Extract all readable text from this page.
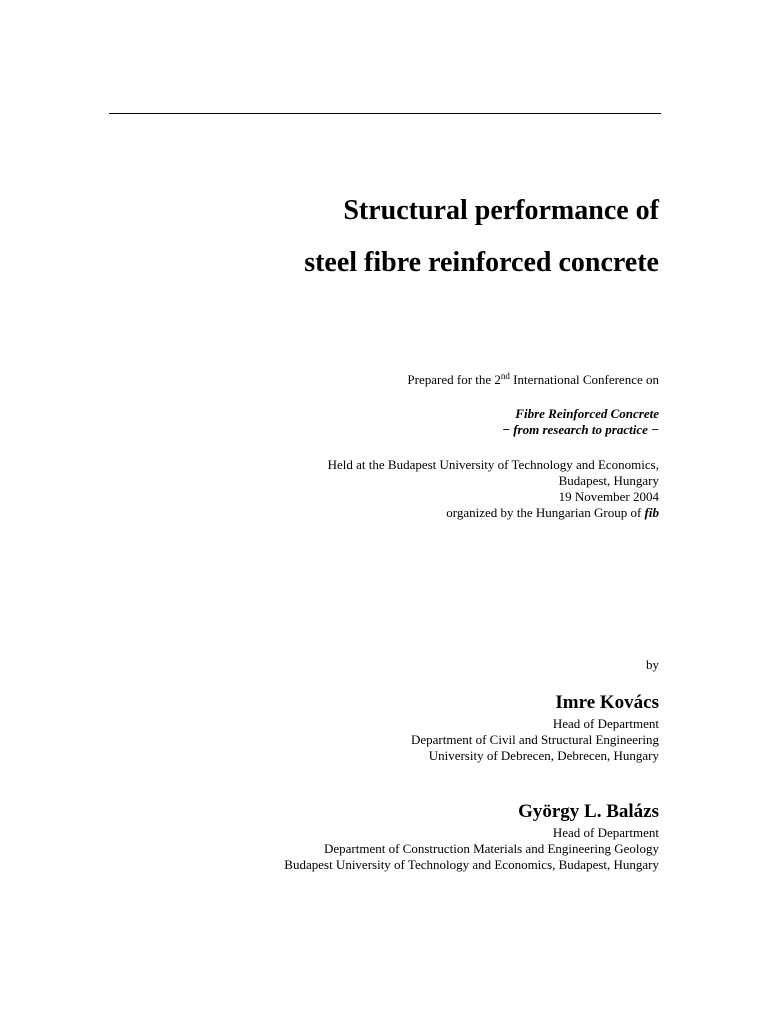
Structural performance of
steel fibre reinforced concrete
Prepared for the 2nd International Conference on
Fibre Reinforced Concrete
− from research to practice −
Held at the Budapest University of Technology and Economics,
Budapest, Hungary
19 November 2004
organized by the Hungarian Group of fib
by
Imre Kovács
Head of Department
Department of Civil and Structural Engineering
University of Debrecen, Debrecen, Hungary
György L. Balázs
Head of Department
Department of Construction Materials and Engineering Geology
Budapest University of Technology and Economics, Budapest, Hungary
